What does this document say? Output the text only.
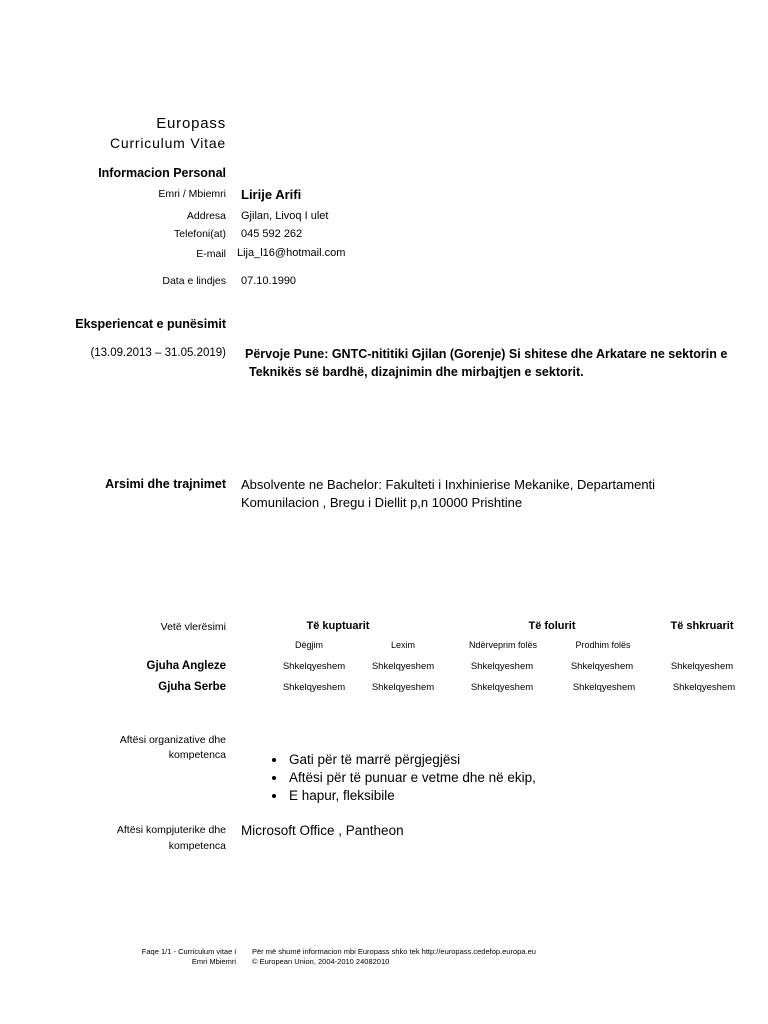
Europass
Curriculum Vitae
Informacion Personal
Emri / Mbiemri Lirije Arifi
Addresa Gjilan, Livoq I ulet
Telefoni(at) 045 592 262
E-mail Lija_l16@hotmail.com
Data e lindjes 07.10.1990
Eksperiencat e punësimit
(13.09.2013 – 31.05.2019) Përvoje Pune: GNTC-nititiki Gjilan (Gorenje) Si shitese dhe Arkatare ne sektorin e
Teknikës së bardhë, dizajnimin dhe mirbajtjen e sektorit.
Arsimi dhe trajnimet Absolvente ne Bachelor: Fakulteti i Inxhinierise Mekanike, Departamenti
Komunilacion , Bregu i Diellit p,n 10000 Prishtine
Vetë vlerësimi	Të kuptuarit	Të folurit	Të shkruarit
Dëgjim	Lexim	Ndërveprim folës	Prodhim folës
Gjuha Angleze	Shkelqyeshem	Shkelqyeshem	Shkelqyeshem	Shkelqyeshem	Shkelqyeshem
Gjuha Serbe	Shkelqyeshem	Shkelqyeshem	Shkelqyeshem	Shkelqyeshem	Shkelqyeshem
Aftësi organizative dhe
kompetenca
•	Gati për të marrë përgjegjësi
• Aftësi për të punuar e vetme dhe në ekip,
• E hapur, fleksibile
Aftësi kompjuterike dhe
kompetenca
Microsoft Office , Pantheon
Faqe 1/1 - Curriculum vitae i
Emri Mbiemri
Për më shumë informacion mbi Europass shko tek http://europass.cedefop.europa.eu
© European Union, 2004-2010 24082010
